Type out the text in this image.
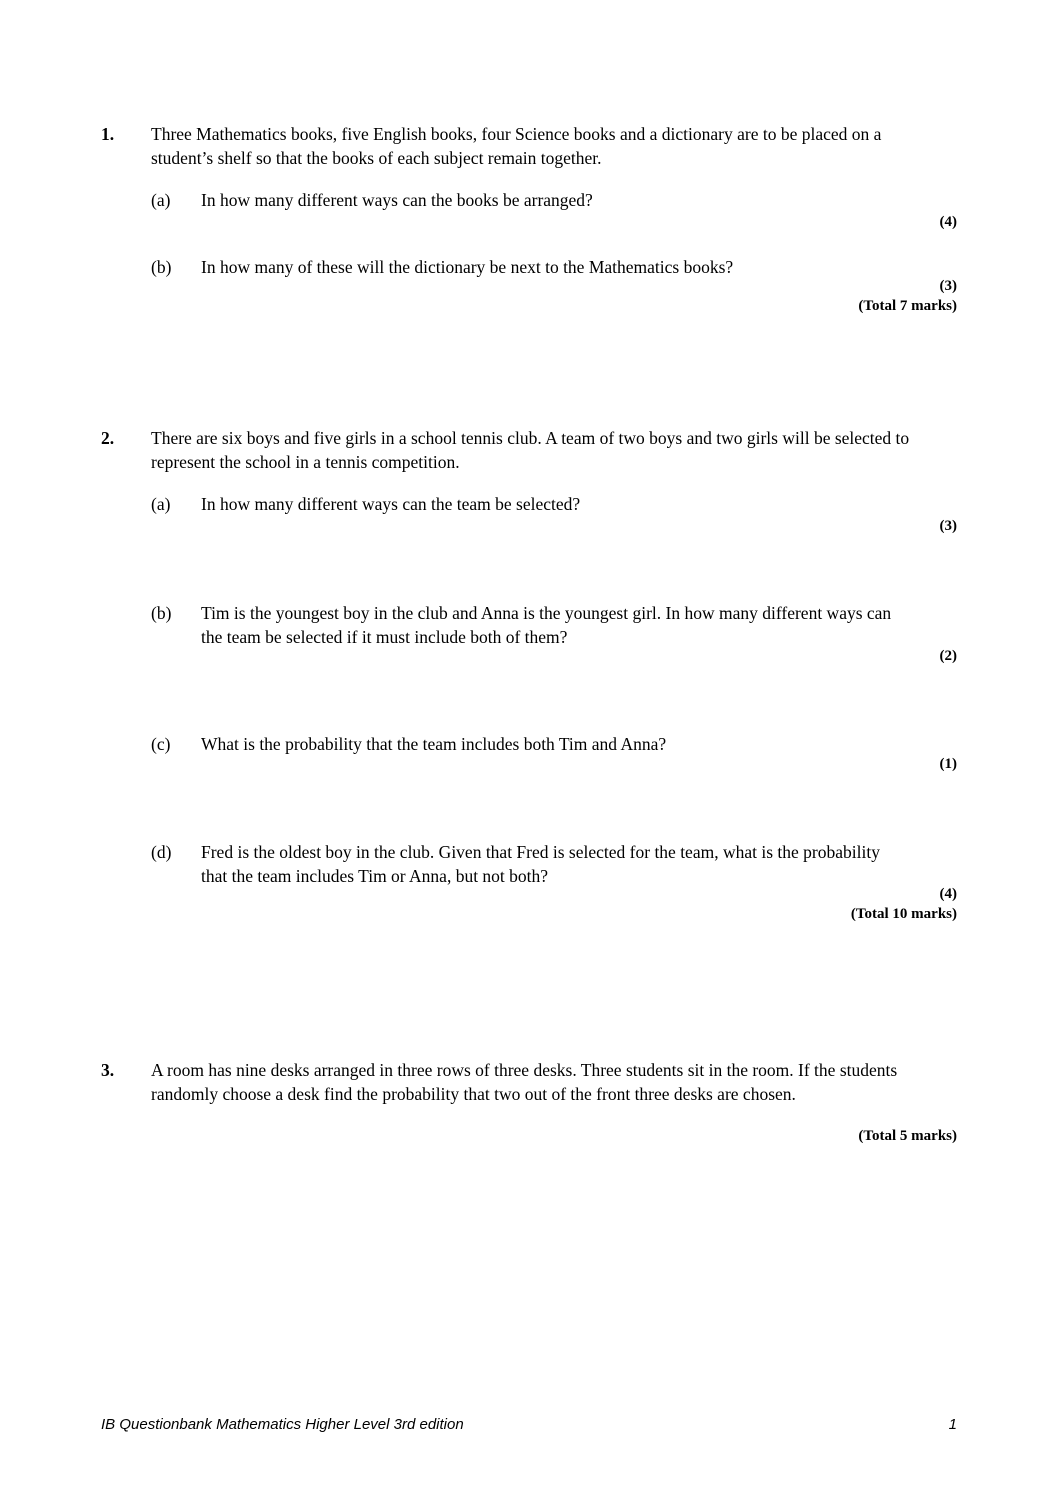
1. Three Mathematics books, five English books, four Science books and a dictionary are to be placed on a student’s shelf so that the books of each subject remain together.
(a) In how many different ways can the books be arranged?
(4)
(b) In how many of these will the dictionary be next to the Mathematics books?
(3)
(Total 7 marks)
2. There are six boys and five girls in a school tennis club. A team of two boys and two girls will be selected to represent the school in a tennis competition.
(a) In how many different ways can the team be selected?
(3)
(b) Tim is the youngest boy in the club and Anna is the youngest girl. In how many different ways can the team be selected if it must include both of them?
(2)
(c) What is the probability that the team includes both Tim and Anna?
(1)
(d) Fred is the oldest boy in the club. Given that Fred is selected for the team, what is the probability that the team includes Tim or Anna, but not both?
(4)
(Total 10 marks)
3. A room has nine desks arranged in three rows of three desks. Three students sit in the room. If the students randomly choose a desk find the probability that two out of the front three desks are chosen.
(Total 5 marks)
IB Questionbank Mathematics Higher Level 3rd edition	1
